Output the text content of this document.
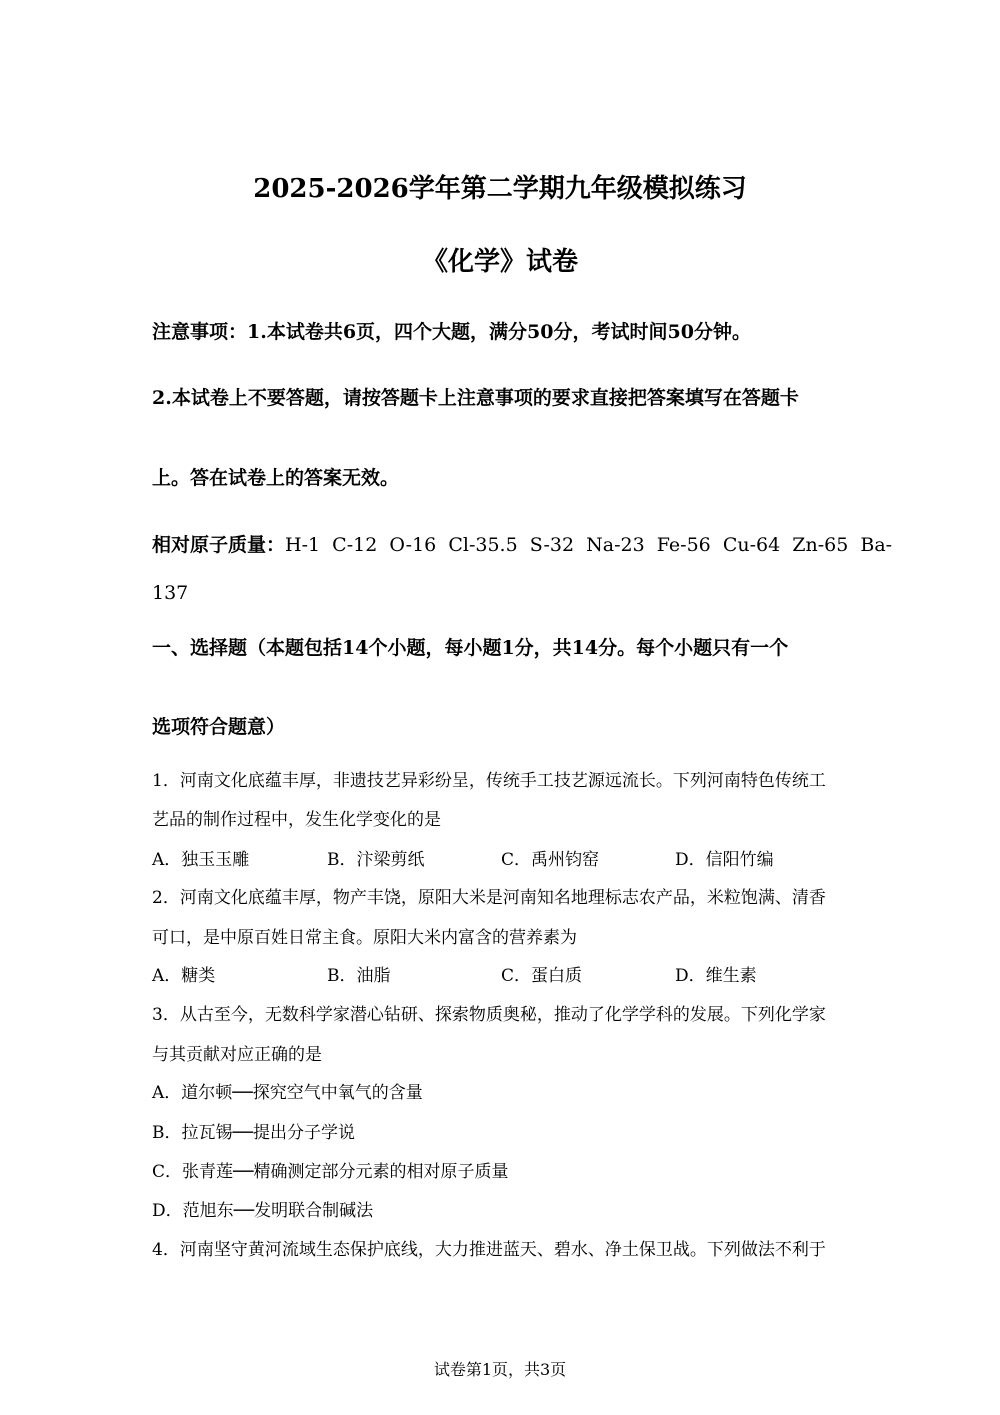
2025-2026学年第二学期九年级模拟练习
《化学》试卷
注意事项：1.本试卷共6页，四个大题，满分50分，考试时间50分钟。
2.本试卷上不要答题，请按答题卡上注意事项的要求直接把答案填写在答题卡
上。答在试卷上的答案无效。
相对原子质量：H-1  C-12  O-16  Cl-35.5  S-32  Na-23  Fe-56  Cu-64  Zn-65  Ba-
137
一、选择题（本题包括14个小题，每小题1分，共14分。每个小题只有一个
选项符合题意）
1．河南文化底蕴丰厚，非遗技艺异彩纷呈，传统手工技艺源远流长。下列河南特色传统工
艺品的制作过程中，发生化学变化的是
A．独玉玉雕	B．汴梁剪纸	C．禹州钧窑	D．信阳竹编
2．河南文化底蕴丰厚，物产丰饶，原阳大米是河南知名地理标志农产品，米粒饱满、清香
可口，是中原百姓日常主食。原阳大米内富含的营养素为
A．糖类	B．油脂	C．蛋白质	D．维生素
3．从古至今，无数科学家潜心钻研、探索物质奥秘，推动了化学学科的发展。下列化学家
与其贡献对应正确的是
A．道尔顿──探究空气中氧气的含量
B．拉瓦锡──提出分子学说
C．张青莲──精确测定部分元素的相对原子质量
D．范旭东──发明联合制碱法
4．河南坚守黄河流域生态保护底线，大力推进蓝天、碧水、净土保卫战。下列做法不利于
试卷第1页，共3页
